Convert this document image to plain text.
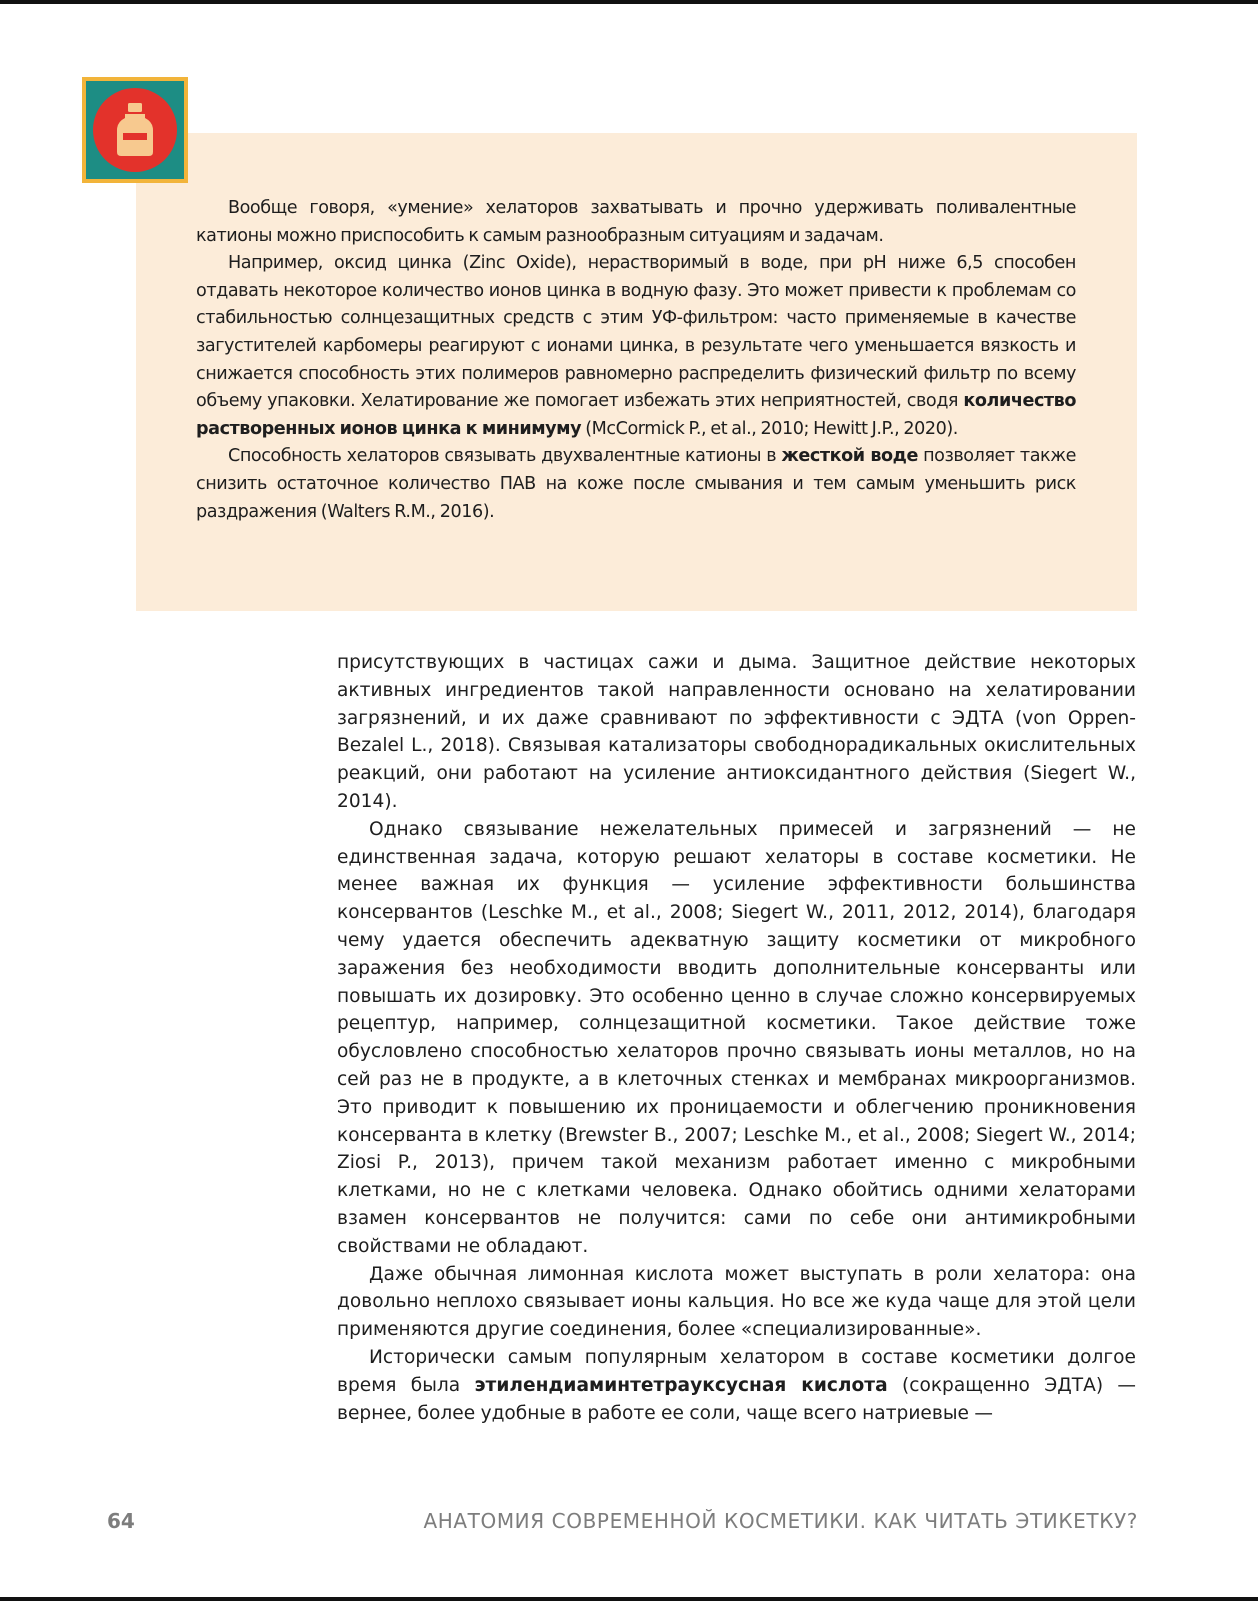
Вообще говоря, «умение» хелаторов захватывать и прочно удерживать поливалентные катионы можно приспособить к самым разнообразным ситуациям и задачам.

Например, оксид цинка (Zinc Oxide), нерастворимый в воде, при pH ниже 6,5 способен отдавать некоторое количество ионов цинка в водную фазу. Это может привести к проблемам со стабильностью солнцезащитных средств с этим УФ-фильтром: часто применяемые в качестве загустителей карбомеры реагируют с ионами цинка, в результате чего уменьшается вязкость и снижается способность этих полимеров равномерно распределить физический фильтр по всему объему упаковки. Хелатирование же помогает избежать этих неприятностей, сводя количество растворенных ионов цинка к минимуму (McCormick P., et al., 2010; Hewitt J.P., 2020).

Способность хелаторов связывать двухвалентные катионы в жесткой воде позволяет также снизить остаточное количество ПАВ на коже после смывания и тем самым уменьшить риск раздражения (Walters R.M., 2016).

присутствующих в частицах сажи и дыма. Защитное действие некоторых активных ингредиентов такой направленности основано на хелатировании загрязнений, и их даже сравнивают по эффективности с ЭДТА (von Oppen-Bezalel L., 2018). Связывая катализаторы свободнорадикальных окислительных реакций, они работают на усиление антиоксидантного действия (Siegert W., 2014).

Однако связывание нежелательных примесей и загрязнений — не единственная задача, которую решают хелаторы в составе косметики. Не менее важная их функция — усиление эффективности большинства консервантов (Leschke M., et al., 2008; Siegert W., 2011, 2012, 2014), благодаря чему удается обеспечить адекватную защиту косметики от микробного заражения без необходимости вводить дополнительные консерванты или повышать их дозировку. Это особенно ценно в случае сложно консервируемых рецептур, например, солнцезащитной косметики. Такое действие тоже обусловлено способностью хелаторов прочно связывать ионы металлов, но на сей раз не в продукте, а в клеточных стенках и мембранах микроорганизмов. Это приводит к повышению их проницаемости и облегчению проникновения консерванта в клетку (Brewster B., 2007; Leschke M., et al., 2008; Siegert W., 2014; Ziosi P., 2013), причем такой механизм работает именно с микробными клетками, но не с клетками человека. Однако обойтись одними хелаторами взамен консервантов не получится: сами по себе они антимикробными свойствами не обладают.

Даже обычная лимонная кислота может выступать в роли хелатора: она довольно неплохо связывает ионы кальция. Но все же куда чаще для этой цели применяются другие соединения, более «специализированные».

Исторически самым популярным хелатором в составе косметики долгое время была этилендиаминтетрауксусная кислота (сокращенно ЭДТА) — вернее, более удобные в работе ее соли, чаще всего натриевые —

64	АНАТОМИЯ СОВРЕМЕННОЙ КОСМЕТИКИ. КАК ЧИТАТЬ ЭТИКЕТКУ?
